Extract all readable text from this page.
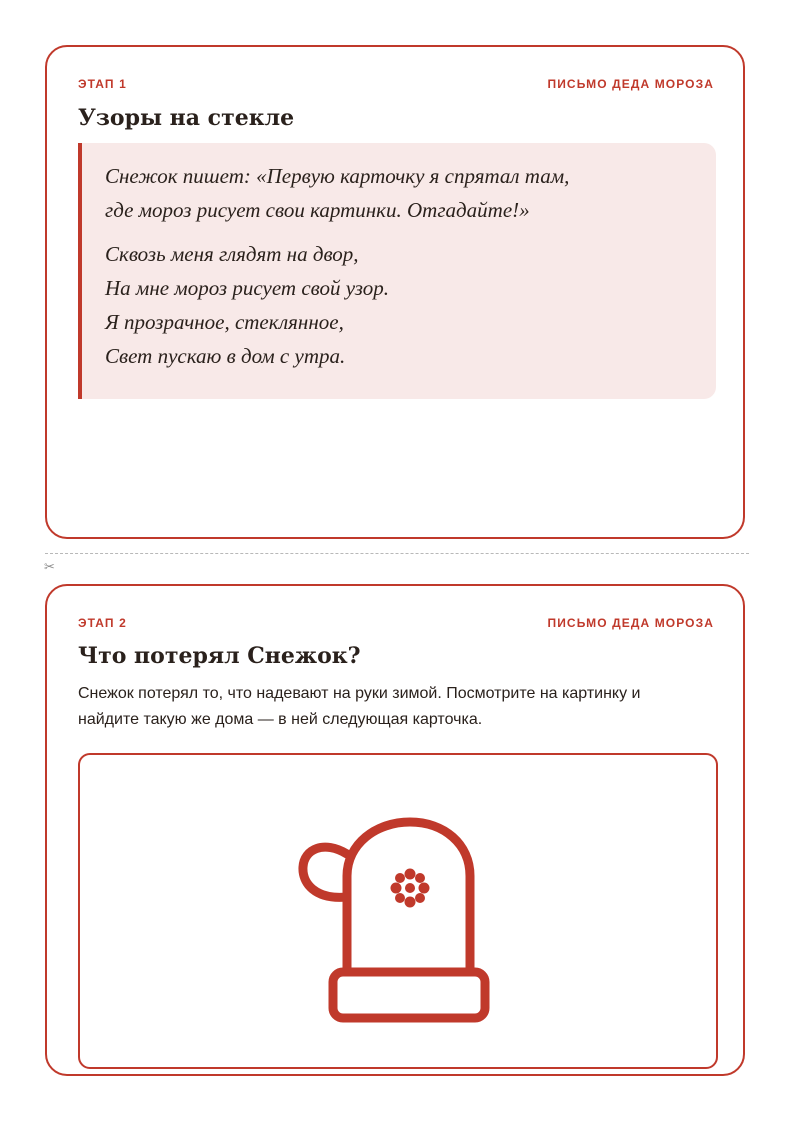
ЭТАП 1	ПИСЬМО ДЕДА МОРОЗА
Узоры на стекле

Снежок пишет: «Первую карточку я спрятал там,

где мороз рисует свои картинки. Отгадайте!»

Сквозь меня глядят на двор,

На мне мороз рисует свой узор.

Я прозрачное, стеклянное,

Свет пускаю в дом с утра.

✂
ЭТАП 2	ПИСЬМО ДЕДА МОРОЗА
Что потерял Снежок?
Снежок потерял то, что надевают на руки зимой. Посмотрите на картинку и
найдите такую же дома — в ней следующая карточка.
